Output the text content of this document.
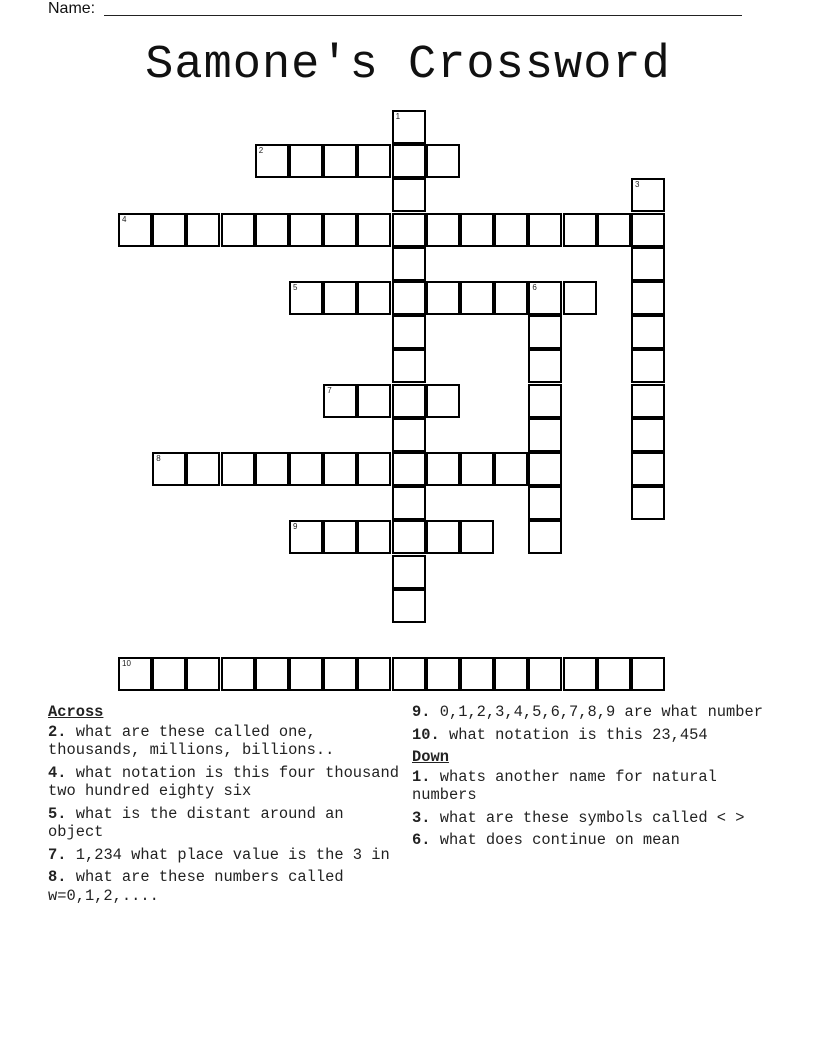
Name:
Samone's Crossword
1
2
3
4
5	6
7
8
9
10
Across
2. what are these called one, thousands, millions, billions..
4. what notation is this four thousand two hundred eighty six
5. what is the distant around an object
7. 1,234 what place value is the 3 in
8. what are these numbers called w=0,1,2,....
9. 0,1,2,3,4,5,6,7,8,9 are what number
10. what notation is this 23,454
Down
1. whats another name for natural numbers
3. what are these symbols called < >
6. what does continue on mean
